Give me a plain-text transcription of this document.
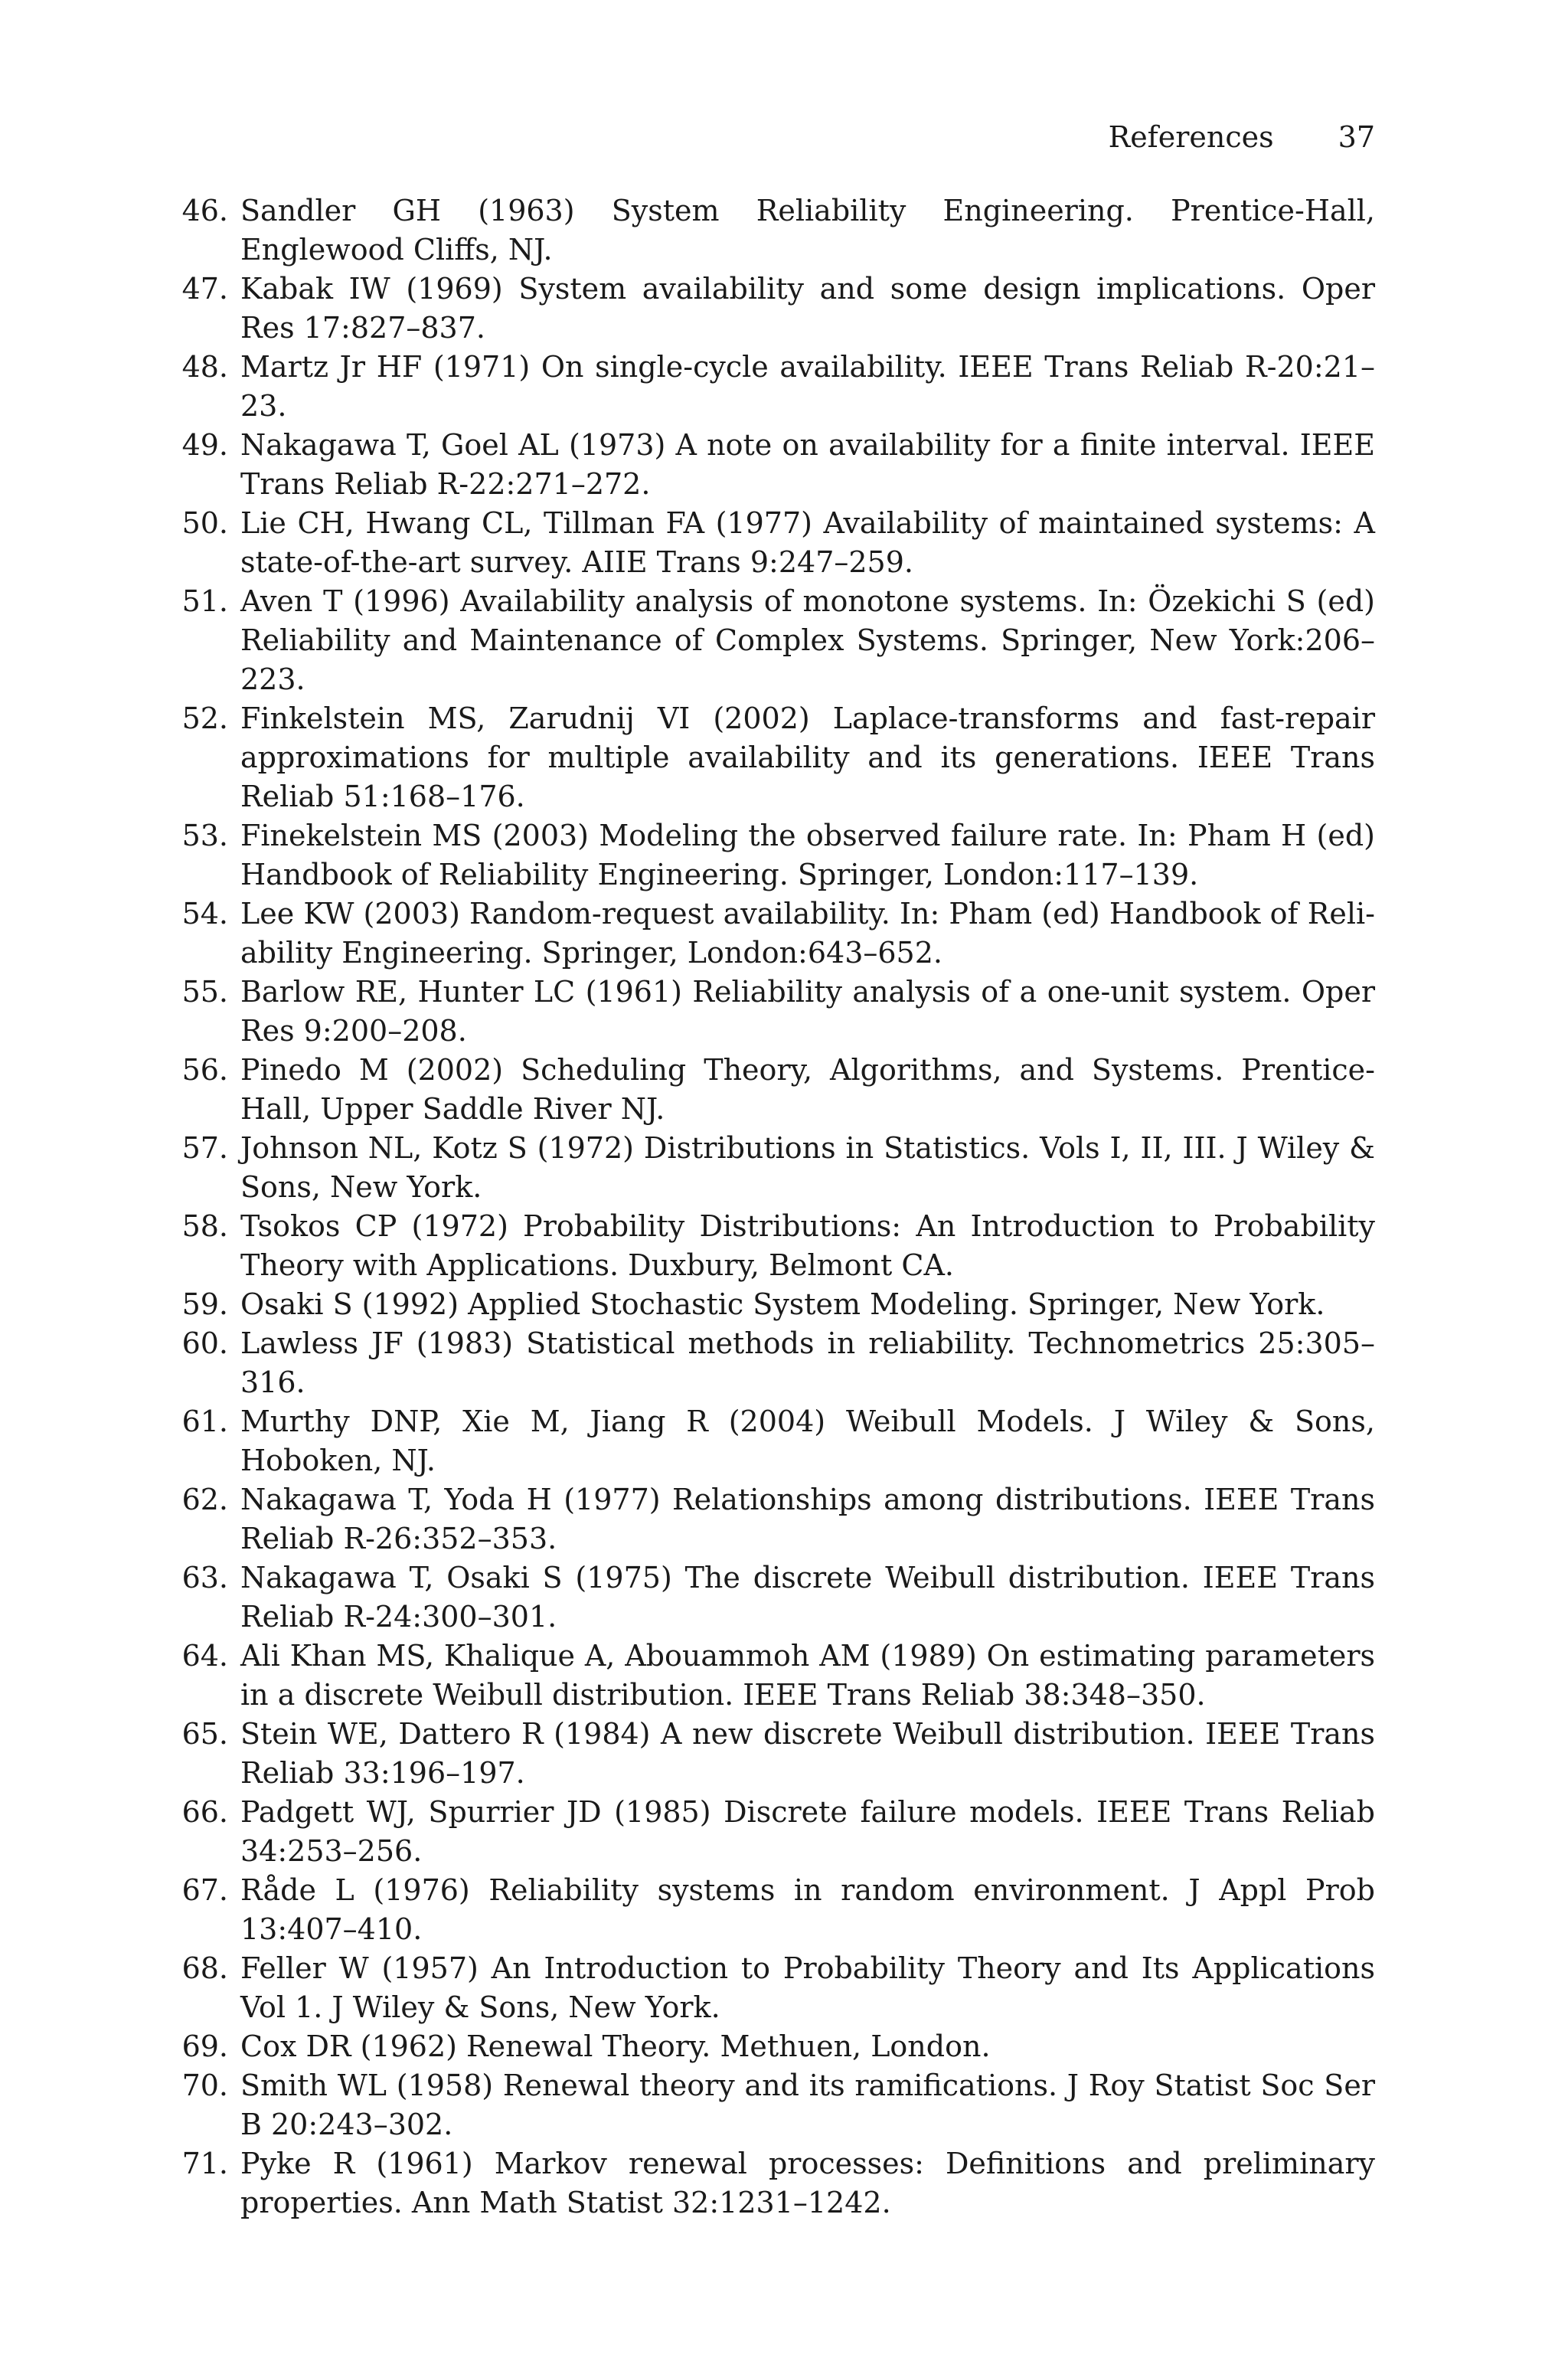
References 37
46. Sandler GH (1963) System Reliability Engineering. Prentice-Hall, Englewood Cliffs, NJ.
47. Kabak IW (1969) System availability and some design implications. Oper Res 17:827–837.
48. Martz Jr HF (1971) On single-cycle availability. IEEE Trans Reliab R-20:21–23.
49. Nakagawa T, Goel AL (1973) A note on availability for a finite interval. IEEE Trans Reliab R-22:271–272.
50. Lie CH, Hwang CL, Tillman FA (1977) Availability of maintained systems: A state-of-the-art survey. AIIE Trans 9:247–259.
51. Aven T (1996) Availability analysis of monotone systems. In: Özekichi S (ed) Reliability and Maintenance of Complex Systems. Springer, New York:206–223.
52. Finkelstein MS, Zarudnij VI (2002) Laplace-transforms and fast-repair approximations for multiple availability and its generations. IEEE Trans Reliab 51:168–176.
53. Finekelstein MS (2003) Modeling the observed failure rate. In: Pham H (ed) Handbook of Reliability Engineering. Springer, London:117–139.
54. Lee KW (2003) Random-request availability. In: Pham (ed) Handbook of Reliability Engineering. Springer, London:643–652.
55. Barlow RE, Hunter LC (1961) Reliability analysis of a one-unit system. Oper Res 9:200–208.
56. Pinedo M (2002) Scheduling Theory, Algorithms, and Systems. Prentice-Hall, Upper Saddle River NJ.
57. Johnson NL, Kotz S (1972) Distributions in Statistics. Vols I, II, III. J Wiley & Sons, New York.
58. Tsokos CP (1972) Probability Distributions: An Introduction to Probability Theory with Applications. Duxbury, Belmont CA.
59. Osaki S (1992) Applied Stochastic System Modeling. Springer, New York.
60. Lawless JF (1983) Statistical methods in reliability. Technometrics 25:305–316.
61. Murthy DNP, Xie M, Jiang R (2004) Weibull Models. J Wiley & Sons, Hoboken, NJ.
62. Nakagawa T, Yoda H (1977) Relationships among distributions. IEEE Trans Reliab R-26:352–353.
63. Nakagawa T, Osaki S (1975) The discrete Weibull distribution. IEEE Trans Reliab R-24:300–301.
64. Ali Khan MS, Khalique A, Abouammoh AM (1989) On estimating parameters in a discrete Weibull distribution. IEEE Trans Reliab 38:348–350.
65. Stein WE, Dattero R (1984) A new discrete Weibull distribution. IEEE Trans Reliab 33:196–197.
66. Padgett WJ, Spurrier JD (1985) Discrete failure models. IEEE Trans Reliab 34:253–256.
67. Råde L (1976) Reliability systems in random environment. J Appl Prob 13:407–410.
68. Feller W (1957) An Introduction to Probability Theory and Its Applications Vol 1. J Wiley & Sons, New York.
69. Cox DR (1962) Renewal Theory. Methuen, London.
70. Smith WL (1958) Renewal theory and its ramifications. J Roy Statist Soc Ser B 20:243–302.
71. Pyke R (1961) Markov renewal processes: Definitions and preliminary properties. Ann Math Statist 32:1231–1242.
